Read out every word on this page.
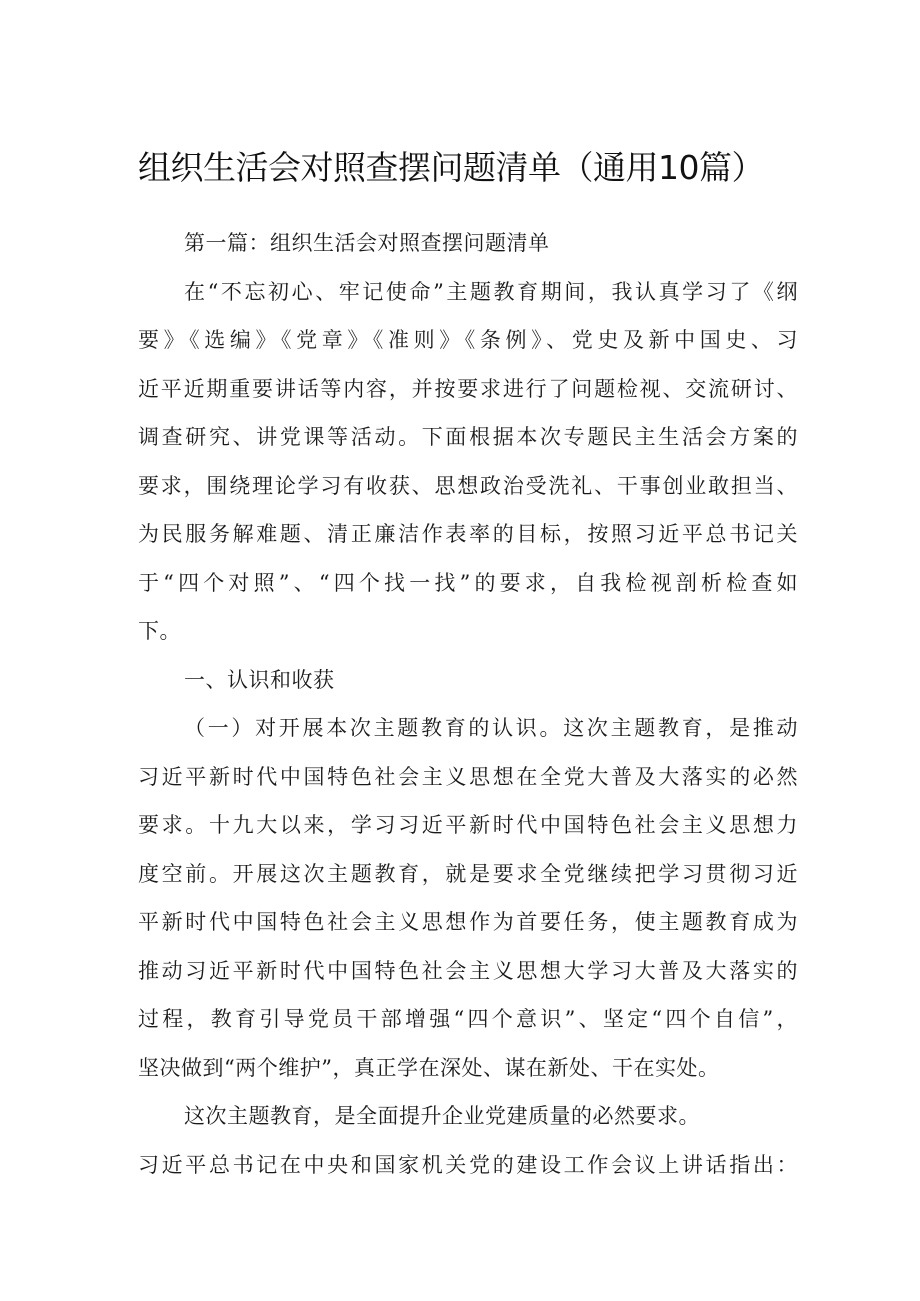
组织生活会对照查摆问题清单（通用10篇）
第一篇：组织生活会对照查摆问题清单
在“不忘初心、牢记使命”主题教育期间，我认真学习了《纲
要》《选编》《党章》《准则》《条例》、党史及新中国史、习
近平近期重要讲话等内容，并按要求进行了问题检视、交流研讨、
调查研究、讲党课等活动。下面根据本次专题民主生活会方案的
要求，围绕理论学习有收获、思想政治受洗礼、干事创业敢担当、
为民服务解难题、清正廉洁作表率的目标，按照习近平总书记关
于“四个对照”、“四个找一找”的要求，自我检视剖析检查如
下。
一、认识和收获
（一）对开展本次主题教育的认识。这次主题教育，是推动
习近平新时代中国特色社会主义思想在全党大普及大落实的必然
要求。十九大以来，学习习近平新时代中国特色社会主义思想力
度空前。开展这次主题教育，就是要求全党继续把学习贯彻习近
平新时代中国特色社会主义思想作为首要任务，使主题教育成为
推动习近平新时代中国特色社会主义思想大学习大普及大落实的
过程，教育引导党员干部增强“四个意识”、坚定“四个自信”，
坚决做到“两个维护”，真正学在深处、谋在新处、干在实处。
这次主题教育，是全面提升企业党建质量的必然要求。
习近平总书记在中央和国家机关党的建设工作会议上讲话指出：
